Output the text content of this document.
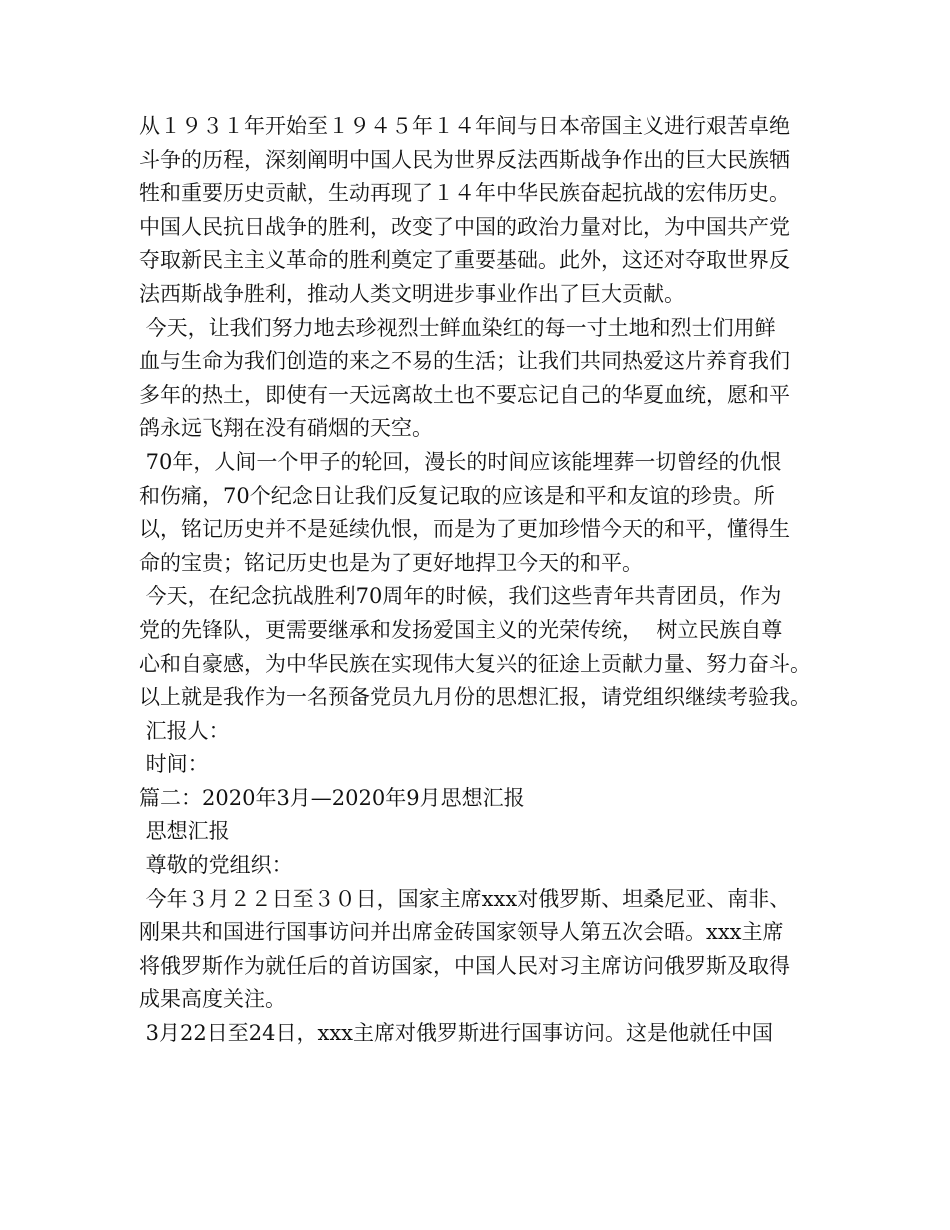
从１９３１年开始至１９４５年１４年间与日本帝国主义进行艰苦卓绝
斗争的历程，深刻阐明中国人民为世界反法西斯战争作出的巨大民族牺
牲和重要历史贡献，生动再现了１４年中华民族奋起抗战的宏伟历史。
中国人民抗日战争的胜利，改变了中国的政治力量对比，为中国共产党
夺取新民主主义革命的胜利奠定了重要基础。此外，这还对夺取世界反
法西斯战争胜利，推动人类文明进步事业作出了巨大贡献。
今天，让我们努力地去珍视烈士鲜血染红的每一寸土地和烈士们用鲜
血与生命为我们创造的来之不易的生活；让我们共同热爱这片养育我们
多年的热土，即使有一天远离故土也不要忘记自己的华夏血统，愿和平
鸽永远飞翔在没有硝烟的天空。
70年，人间一个甲子的轮回，漫长的时间应该能埋葬一切曾经的仇恨
和伤痛，70个纪念日让我们反复记取的应该是和平和友谊的珍贵。所
以，铭记历史并不是延续仇恨，而是为了更加珍惜今天的和平，懂得生
命的宝贵；铭记历史也是为了更好地捍卫今天的和平。
今天，在纪念抗战胜利70周年的时候，我们这些青年共青团员，作为
党的先锋队，更需要继承和发扬爱国主义的光荣传统，  树立民族自尊
心和自豪感，为中华民族在实现伟大复兴的征途上贡献力量、努力奋斗。
以上就是我作为一名预备党员九月份的思想汇报，请党组织继续考验我。
汇报人：
时间：
篇二：2020年3月—2020年9月思想汇报
思想汇报
尊敬的党组织：
今年３月２２日至３０日，国家主席xxx对俄罗斯、坦桑尼亚、南非、
刚果共和国进行国事访问并出席金砖国家领导人第五次会晤。xxx主席
将俄罗斯作为就任后的首访国家，中国人民对习主席访问俄罗斯及取得
成果高度关注。
3月22日至24日，xxx主席对俄罗斯进行国事访问。这是他就任中国
